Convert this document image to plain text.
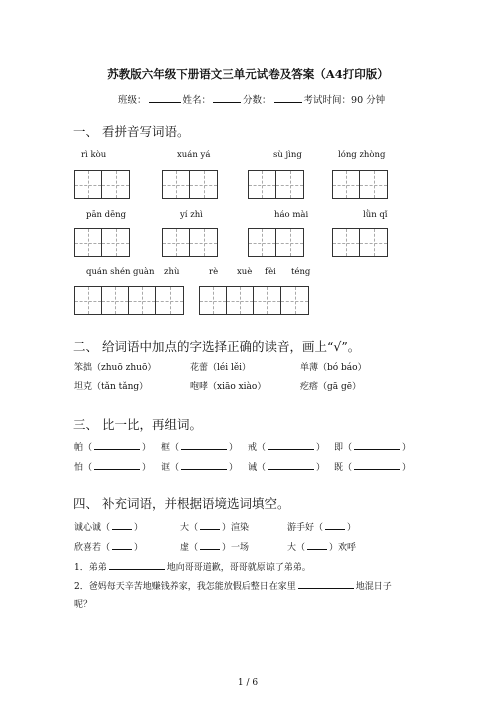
苏教版六年级下册语文三单元试卷及答案（A4打印版）
班级：	姓名：	分数：	考试时间：90 分钟
一、 看拼音写词语。
rì kòu	xuán yá	sù jìng	lóng zhòng
pān dēng	yí zhì	háo mài	lǜn qǐ
quán shén guàn zhù	rè xuè fèi téng
二、 给词语中加点的字选择正确的读音，画上“√”。
笨拙（zhuō zhuō）	花蕾（léi lěi）	单薄（bó báo）
坦克（tǎn tǎng）	咆哮（xiāo xiào）	疙瘩（gā gē）
三、 比一比，再组词。
帕（	） 框（	） 戒（	） 即（	）
怕（	） 诓（	） 诫（	） 既（	）
四、 补充词语，并根据语境选词填空。
诚心诚（	）	大（	）渲染	游手好（	）
欣喜若（	）	虚（	）一场	大（	）欢呼
1．弟弟	地向哥哥道歉，哥哥就原谅了弟弟。
2．爸妈每天辛苦地赚钱养家，我怎能放假后整日在家里	地混日子
呢？
1 / 6
